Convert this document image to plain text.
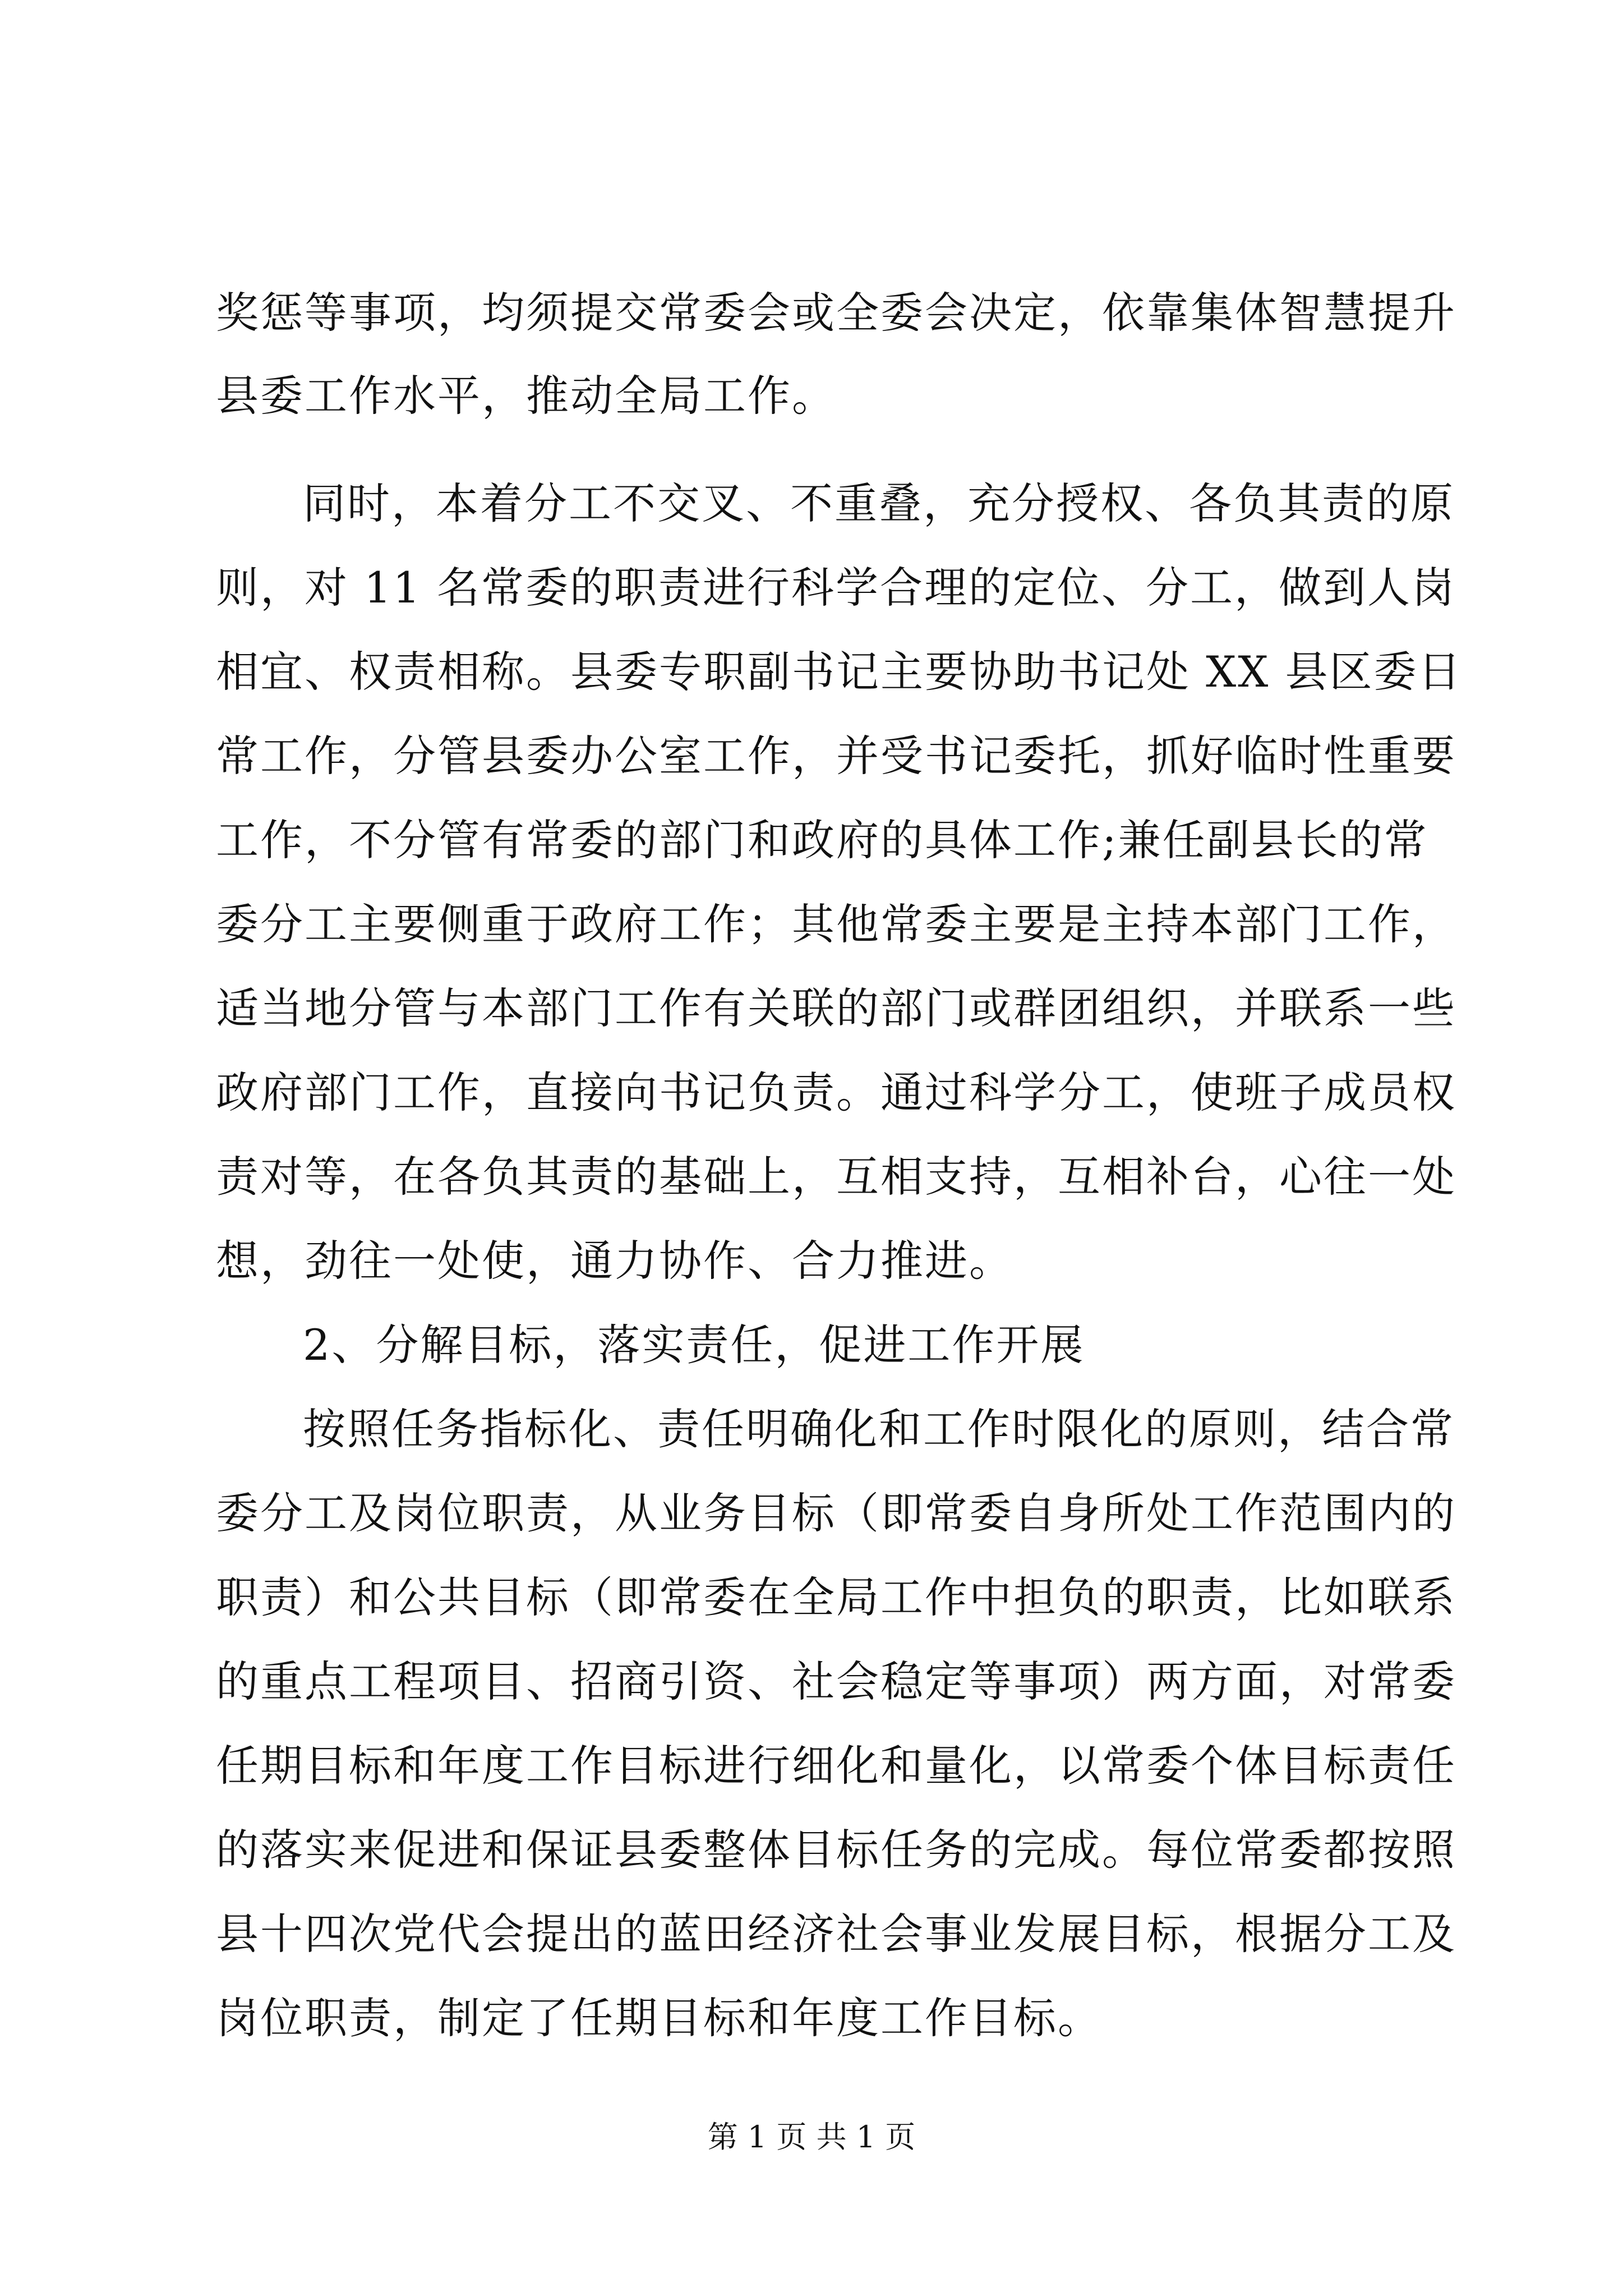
奖惩等事项，均须提交常委会或全委会决定，依靠集体智慧提升
县委工作水平，推动全局工作。
同时，本着分工不交叉、不重叠，充分授权、各负其责的原
则，对 11 名常委的职责进行科学合理的定位、分工，做到人岗
相宜、权责相称。县委专职副书记主要协助书记处 XX 县区委日
常工作，分管县委办公室工作，并受书记委托，抓好临时性重要
工作，不分管有常委的部门和政府的具体工作;兼任副县长的常
委分工主要侧重于政府工作；其他常委主要是主持本部门工作，
适当地分管与本部门工作有关联的部门或群团组织，并联系一些
政府部门工作，直接向书记负责。通过科学分工，使班子成员权
责对等，在各负其责的基础上，互相支持，互相补台，心往一处
想，劲往一处使，通力协作、合力推进。
2、分解目标，落实责任，促进工作开展
按照任务指标化、责任明确化和工作时限化的原则，结合常
委分工及岗位职责，从业务目标（即常委自身所处工作范围内的
职责）和公共目标（即常委在全局工作中担负的职责，比如联系
的重点工程项目、招商引资、社会稳定等事项）两方面，对常委
任期目标和年度工作目标进行细化和量化，以常委个体目标责任
的落实来促进和保证县委整体目标任务的完成。每位常委都按照
县十四次党代会提出的蓝田经济社会事业发展目标，根据分工及
岗位职责，制定了任期目标和年度工作目标。
第 1 页 共 1 页
